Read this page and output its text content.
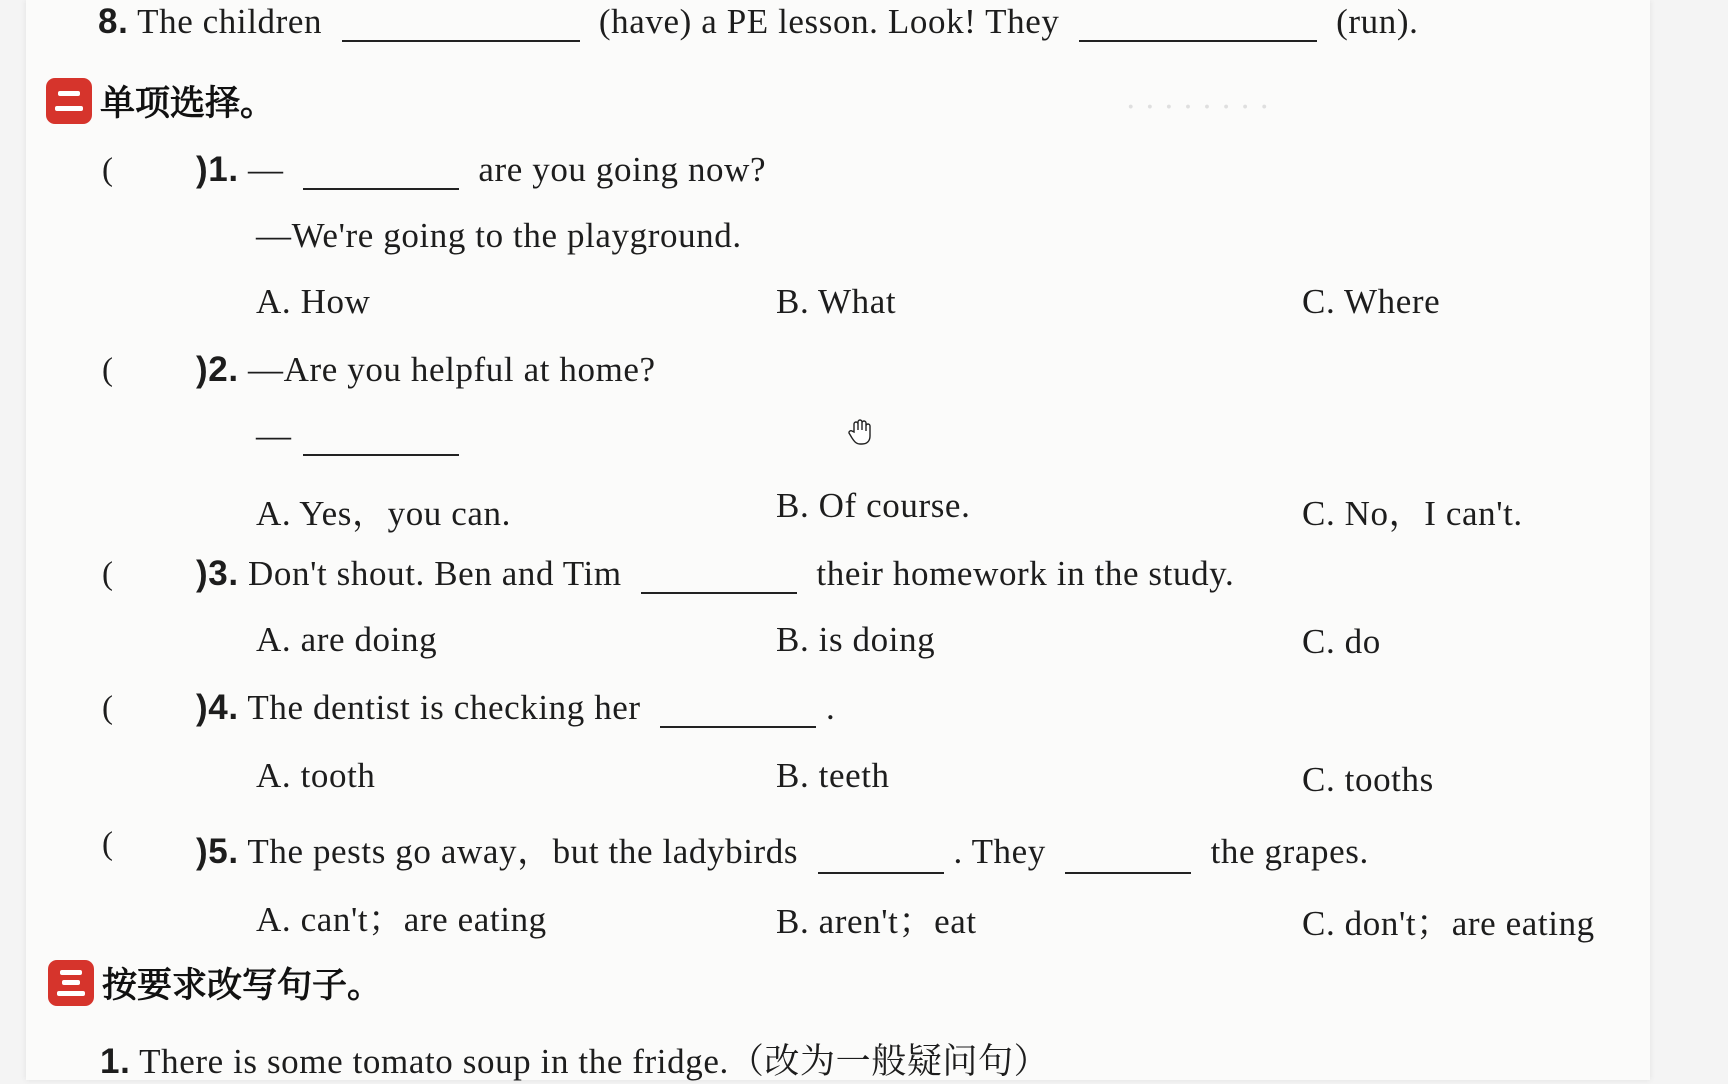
· · · · · · · ·
8. The children	(have) a PE lesson. Look! They	(run).
单项选择。
( )1. —	are you going now?
—We're going to the playground.
A. How	B. What	C. Where
( )2. —Are you helpful at home?
—
A. Yes，you can.	B. Of course.	C. No，I can't.
( )3. Don't shout. Ben and Tim	their homework in the study.
A. are doing	B. is doing	C. do
( )4. The dentist is checking her	.
A. tooth	B. teeth	C. tooths
( )5. The pests go away，but the ladybirds	. They	the grapes.
A. can't；are eating	B. aren't；eat	C. don't；are eating
按要求改写句子。
1. There is some tomato soup in the fridge.（改为一般疑问句）
